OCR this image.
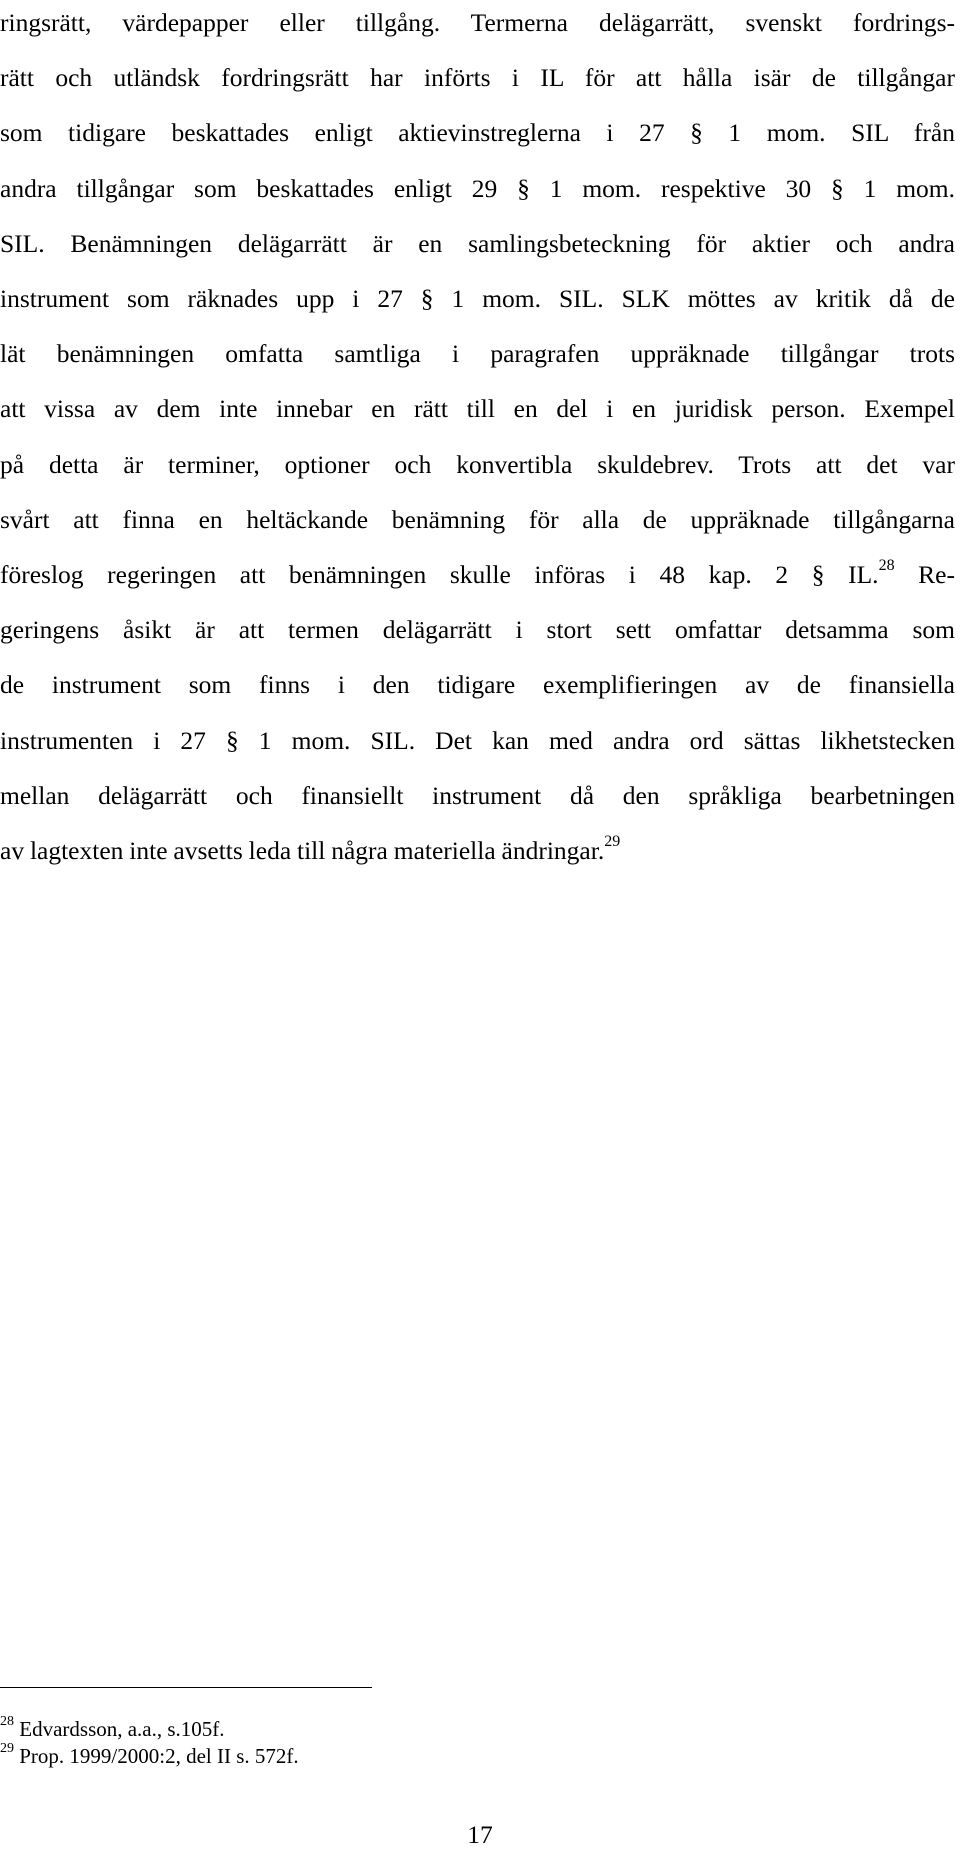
ringsrätt, värdepapper eller tillgång. Termerna delägarrätt, svenskt fordrings-
rätt och utländsk fordringsrätt har införts i IL för att hålla isär de tillgångar
som tidigare beskattades enligt aktievinstreglerna i 27 § 1 mom. SIL från
andra tillgångar som beskattades enligt 29 § 1 mom. respektive 30 § 1 mom.
SIL. Benämningen delägarrätt är en samlingsbeteckning för aktier och andra
instrument som räknades upp i 27 § 1 mom. SIL. SLK möttes av kritik då de
lät benämningen omfatta samtliga i paragrafen uppräknade tillgångar trots
att vissa av dem inte innebar en rätt till en del i en juridisk person. Exempel
på detta är terminer, optioner och konvertibla skuldebrev. Trots att det var
svårt att finna en heltäckande benämning för alla de uppräknade tillgångarna
föreslog regeringen att benämningen skulle införas i 48 kap. 2 § IL.$^{28}$ Re-
geringens åsikt är att termen delägarrätt i stort sett omfattar detsamma som
de instrument som finns i den tidigare exemplifieringen av de finansiella
instrumenten i 27 § 1 mom. SIL. Det kan med andra ord sättas likhetstecken
mellan delägarrätt och finansiellt instrument då den språkliga bearbetningen
av lagtexten inte avsetts leda till några materiella ändringar.$^{29}$
$^{28}$ Edvardsson, a.a., s.105f.
$^{29}$ Prop. 1999/2000:2, del II s. 572f.
17
